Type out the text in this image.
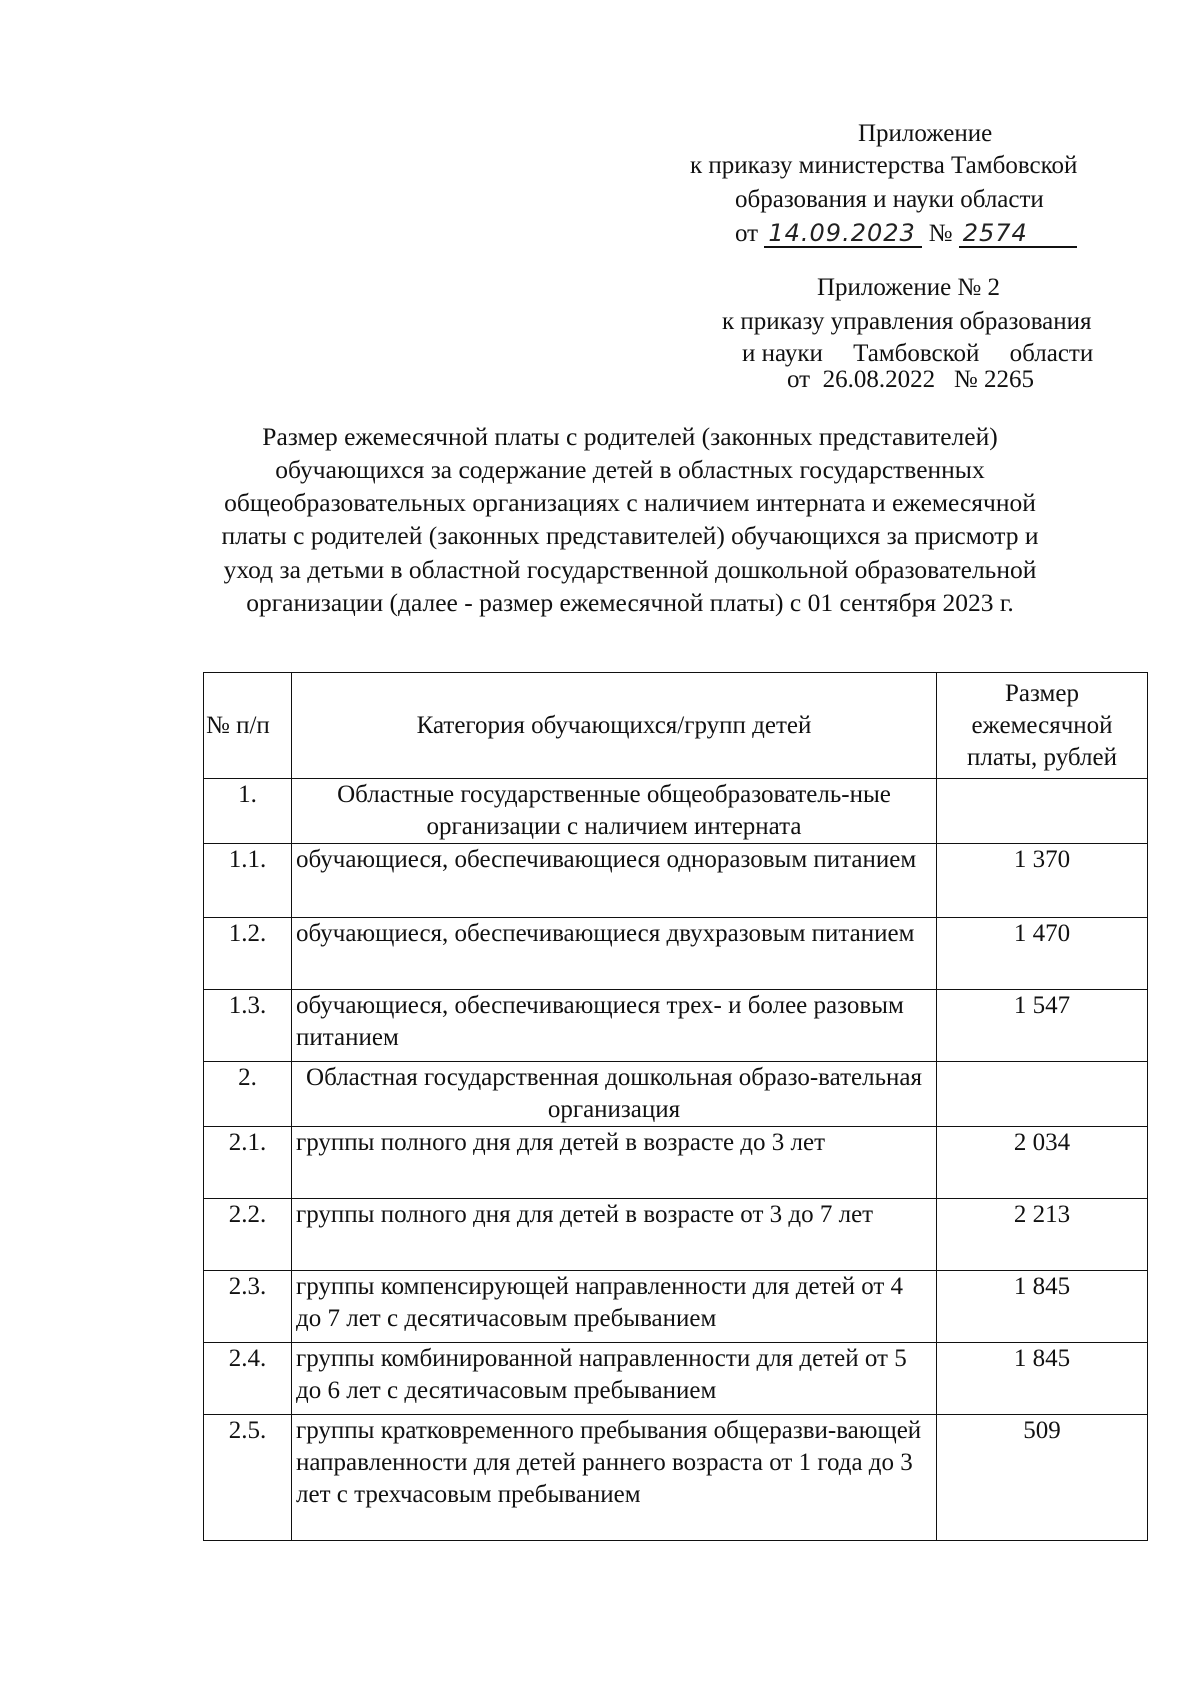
Приложение
к приказу министерства Тамбовской
образования и науки области
от 14.09.2023 № 2574
Приложение № 2
к приказу управления образования
и науки Тамбовской области
от  26.08.2022   № 2265
Размер ежемесячной платы с родителей (законных представителей)
обучающихся за содержание детей в областных государственных
общеобразовательных организациях с наличием интерната и ежемесячной
платы с родителей (законных представителей) обучающихся за присмотр и
уход за детьми в областной государственной дошкольной образовательной
организации (далее - размер ежемесячной платы) с 01 сентября 2023 г.
№ п/п	Категория обучающихся/групп детей	Размер ежемесячной платы, рублей
1.	Областные государственные общеобразователь-ные организации с наличием интерната	
1.1.	обучающиеся, обеспечивающиеся одноразовым питанием	1 370
1.2.	обучающиеся, обеспечивающиеся двухразовым питанием	1 470
1.3.	обучающиеся, обеспечивающиеся трех- и более разовым питанием	1 547
2.	Областная государственная дошкольная образо-вательная организация	
2.1.	группы полного дня для детей в возрасте до 3 лет	2 034
2.2.	группы полного дня для детей в возрасте от 3 до 7 лет	2 213
2.3.	группы компенсирующей направленности для детей от 4 до 7 лет с десятичасовым пребыванием	1 845
2.4.	группы комбинированной направленности для детей от 5 до 6 лет с десятичасовым пребыванием	1 845
2.5.	группы кратковременного пребывания общеразви-вающей направленности для детей раннего возраста от 1 года до 3 лет с трехчасовым пребыванием	509
